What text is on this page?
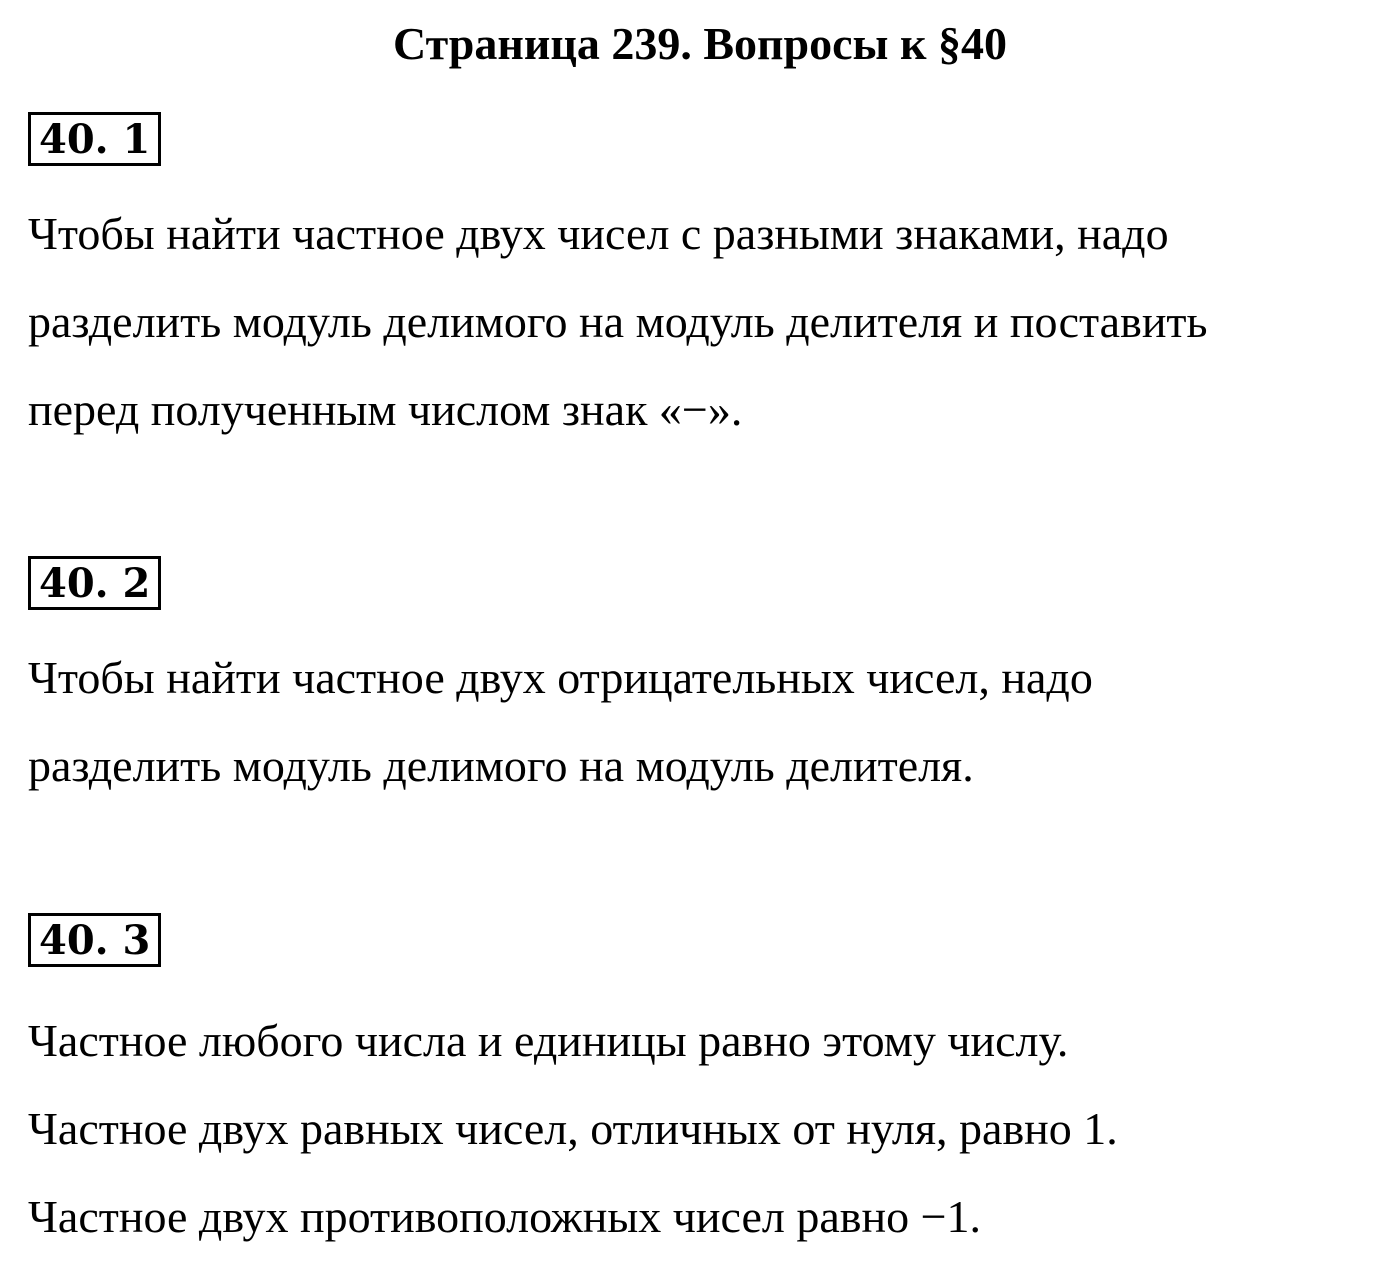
Страница 239. Вопросы к §40
40. 1

Чтобы найти частное двух чисел с разными знаками, надо

разделить модуль делимого на модуль делителя и поставить

перед полученным числом знак «−».

40. 2

Чтобы найти частное двух отрицательных чисел, надо

разделить модуль делимого на модуль делителя.

40. 3

Частное любого числа и единицы равно этому числу.

Частное двух равных чисел, отличных от нуля, равно 1.

Частное двух противоположных чисел равно −1.
